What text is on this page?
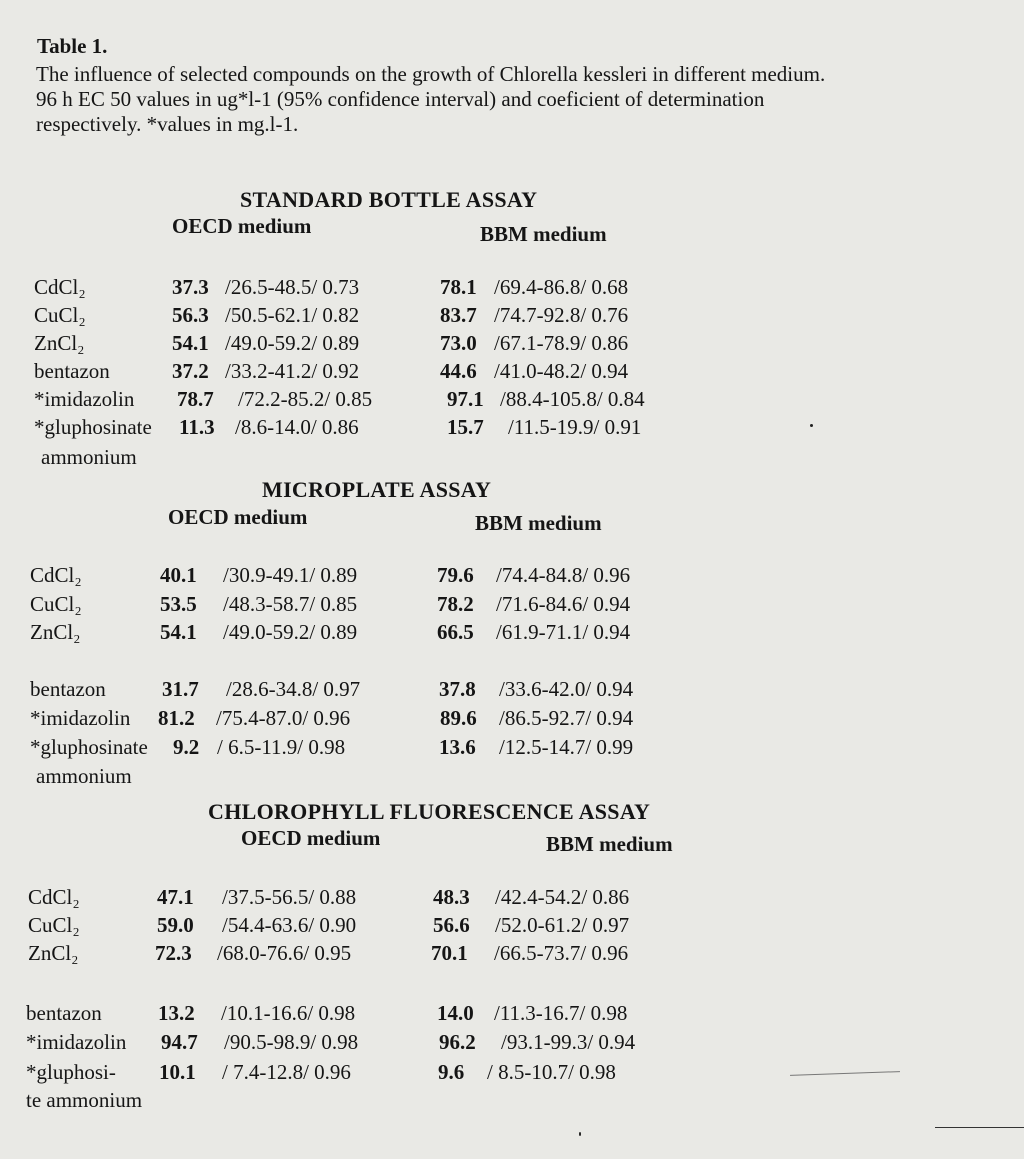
Table 1.
The influence of selected compounds on the growth of Chlorella kessleri in different medium.
96 h EC 50 values in ug*l-1 (95% confidence interval) and coeficient of determination
respectively. *values in mg.l-1.
STANDARD BOTTLE ASSAY
OECD medium	BBM medium
CdCl₂	37.3 /26.5-48.5/ 0.73	78.1 /69.4-86.8/ 0.68
CuCl₂	56.3 /50.5-62.1/ 0.82	83.7 /74.7-92.8/ 0.76
ZnCl₂	54.1 /49.0-59.2/ 0.89	73.0 /67.1-78.9/ 0.86
bentazon	37.2 /33.2-41.2/ 0.92	44.6 /41.0-48.2/ 0.94
*imidazolin 78.7 /72.2-85.2/ 0.85	97.1 /88.4-105.8/ 0.84
*gluphosinate 11.3 /8.6-14.0/ 0.86	15.7 /11.5-19.9/ 0.91
ammonium
MICROPLATE ASSAY
OECD medium	BBM medium
CdCl₂	40.1 /30.9-49.1/ 0.89	79.6 /74.4-84.8/ 0.96
CuCl₂	53.5 /48.3-58.7/ 0.85	78.2 /71.6-84.6/ 0.94
ZnCl₂	54.1 /49.0-59.2/ 0.89	66.5 /61.9-71.1/ 0.94
bentazon	31.7 /28.6-34.8/ 0.97	37.8 /33.6-42.0/ 0.94
*imidazolin 81.2 /75.4-87.0/ 0.96	89.6 /86.5-92.7/ 0.94
*gluphosinate 9.2 / 6.5-11.9/ 0.98	13.6 /12.5-14.7/ 0.99
ammonium
CHLOROPHYLL FLUORESCENCE ASSAY
OECD medium	BBM medium
CdCl₂	47.1 /37.5-56.5/ 0.88	48.3 /42.4-54.2/ 0.86
CuCl₂	59.0 /54.4-63.6/ 0.90	56.6 /52.0-61.2/ 0.97
ZnCl₂	72.3 /68.0-76.6/ 0.95	70.1 /66.5-73.7/ 0.96
bentazon	13.2 /10.1-16.6/ 0.98	14.0 /11.3-16.7/ 0.98
*imidazolin 94.7 /90.5-98.9/ 0.98	96.2 /93.1-99.3/ 0.94
*gluphosi- 10.1 / 7.4-12.8/ 0.96	9.6 / 8.5-10.7/ 0.98
te ammonium
